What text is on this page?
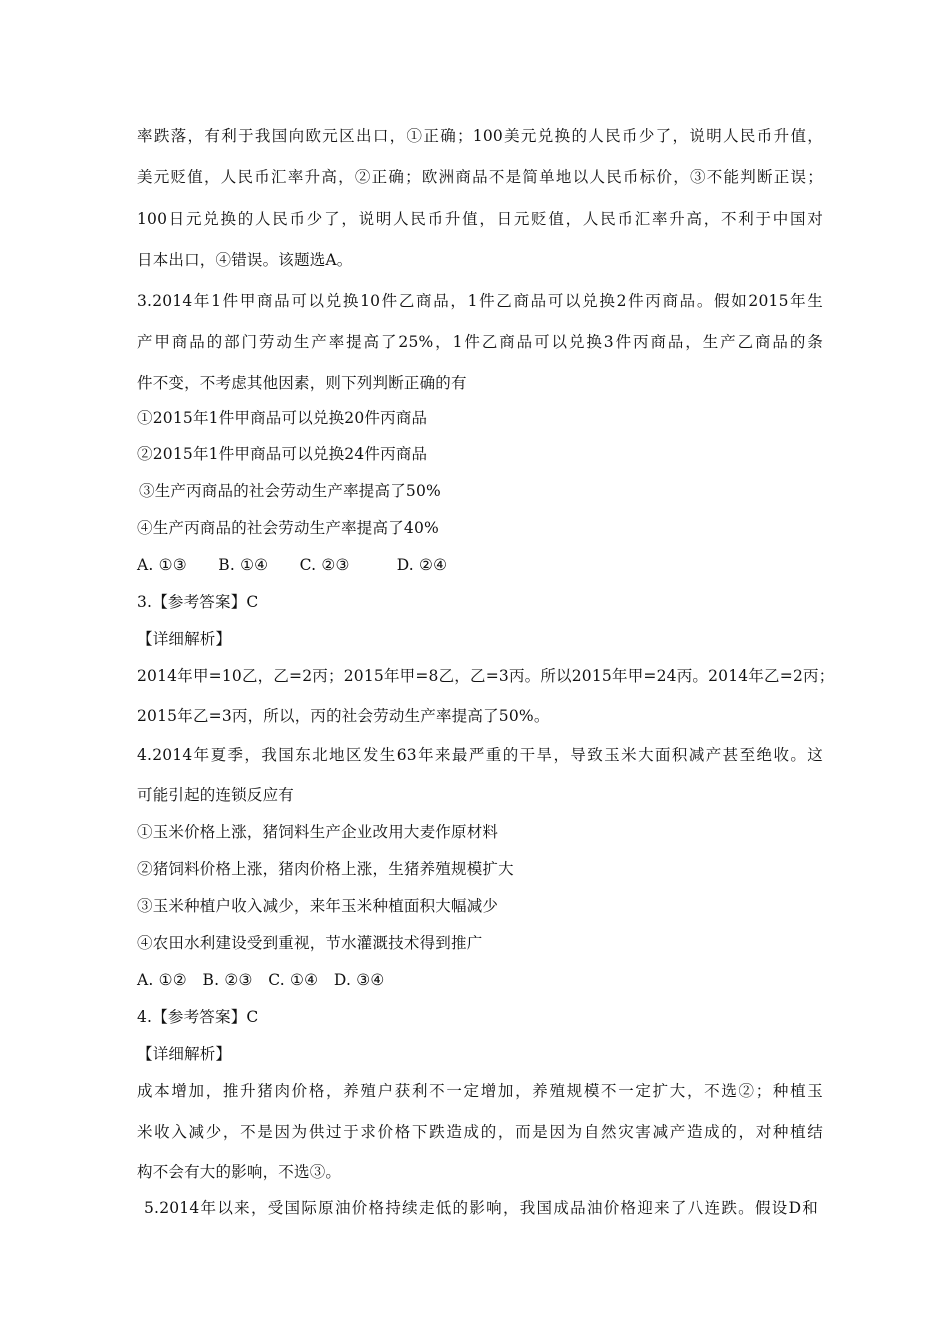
率跌落，有利于我国向欧元区出口，①正确；100美元兑换的人民币少了，说明人民币升值，
美元贬值，人民币汇率升高，②正确；欧洲商品不是简单地以人民币标价，③不能判断正误；
100日元兑换的人民币少了，说明人民币升值，日元贬值，人民币汇率升高，不利于中国对
日本出口，④错误。该题选A。
3.2014年1件甲商品可以兑换10件乙商品，1件乙商品可以兑换2件丙商品。假如2015年生
产甲商品的部门劳动生产率提高了25%，1件乙商品可以兑换3件丙商品，生产乙商品的条
件不变，不考虑其他因素，则下列判断正确的有
①2015年1件甲商品可以兑换20件丙商品
②2015年1件甲商品可以兑换24件丙商品
③生产丙商品的社会劳动生产率提高了50%
④生产丙商品的社会劳动生产率提高了40%
A. ①③　　B. ①④　　C. ②③　　　D. ②④
3.【参考答案】C
【详细解析】
2014年甲=10乙，乙=2丙；2015年甲=8乙，乙=3丙。所以2015年甲=24丙。2014年乙=2丙；
2015年乙=3丙，所以，丙的社会劳动生产率提高了50%。
4.2014年夏季，我国东北地区发生63年来最严重的干旱，导致玉米大面积减产甚至绝收。这
可能引起的连锁反应有
①玉米价格上涨，猪饲料生产企业改用大麦作原材料
②猪饲料价格上涨，猪肉价格上涨，生猪养殖规模扩大
③玉米种植户收入减少，来年玉米种植面积大幅减少
④农田水利建设受到重视，节水灌溉技术得到推广
A. ①②　B. ②③　C. ①④　D. ③④
4.【参考答案】C
【详细解析】
成本增加，推升猪肉价格，养殖户获利不一定增加，养殖规模不一定扩大，不选②；种植玉
米收入减少，不是因为供过于求价格下跌造成的，而是因为自然灾害减产造成的，对种植结
构不会有大的影响，不选③。
5.2014年以来，受国际原油价格持续走低的影响，我国成品油价格迎来了八连跌。假设D和
